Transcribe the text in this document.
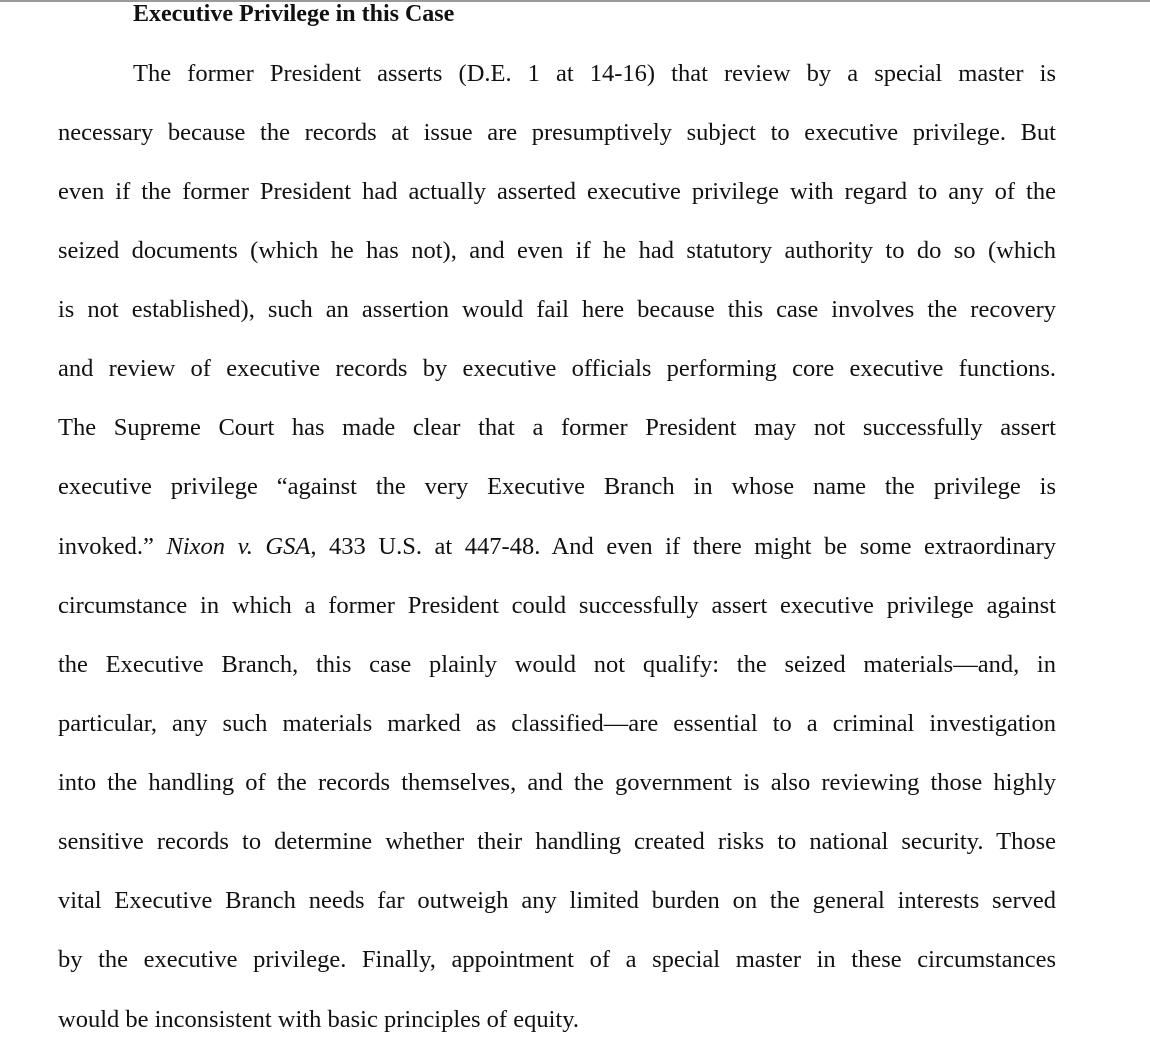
Executive Privilege in this Case

The former President asserts (D.E. 1 at 14-16) that review by a special master is

necessary because the records at issue are presumptively subject to executive privilege. But

even if the former President had actually asserted executive privilege with regard to any of the

seized documents (which he has not), and even if he had statutory authority to do so (which

is not established), such an assertion would fail here because this case involves the recovery

and review of executive records by executive officials performing core executive functions.

The Supreme Court has made clear that a former President may not successfully assert

executive privilege “against the very Executive Branch in whose name the privilege is

invoked.” Nixon v. GSA, 433 U.S. at 447-48. And even if there might be some extraordinary

circumstance in which a former President could successfully assert executive privilege against

the Executive Branch, this case plainly would not qualify: the seized materials—and, in

particular, any such materials marked as classified—are essential to a criminal investigation

into the handling of the records themselves, and the government is also reviewing those highly

sensitive records to determine whether their handling created risks to national security. Those

vital Executive Branch needs far outweigh any limited burden on the general interests served

by the executive privilege. Finally, appointment of a special master in these circumstances

would be inconsistent with basic principles of equity.
